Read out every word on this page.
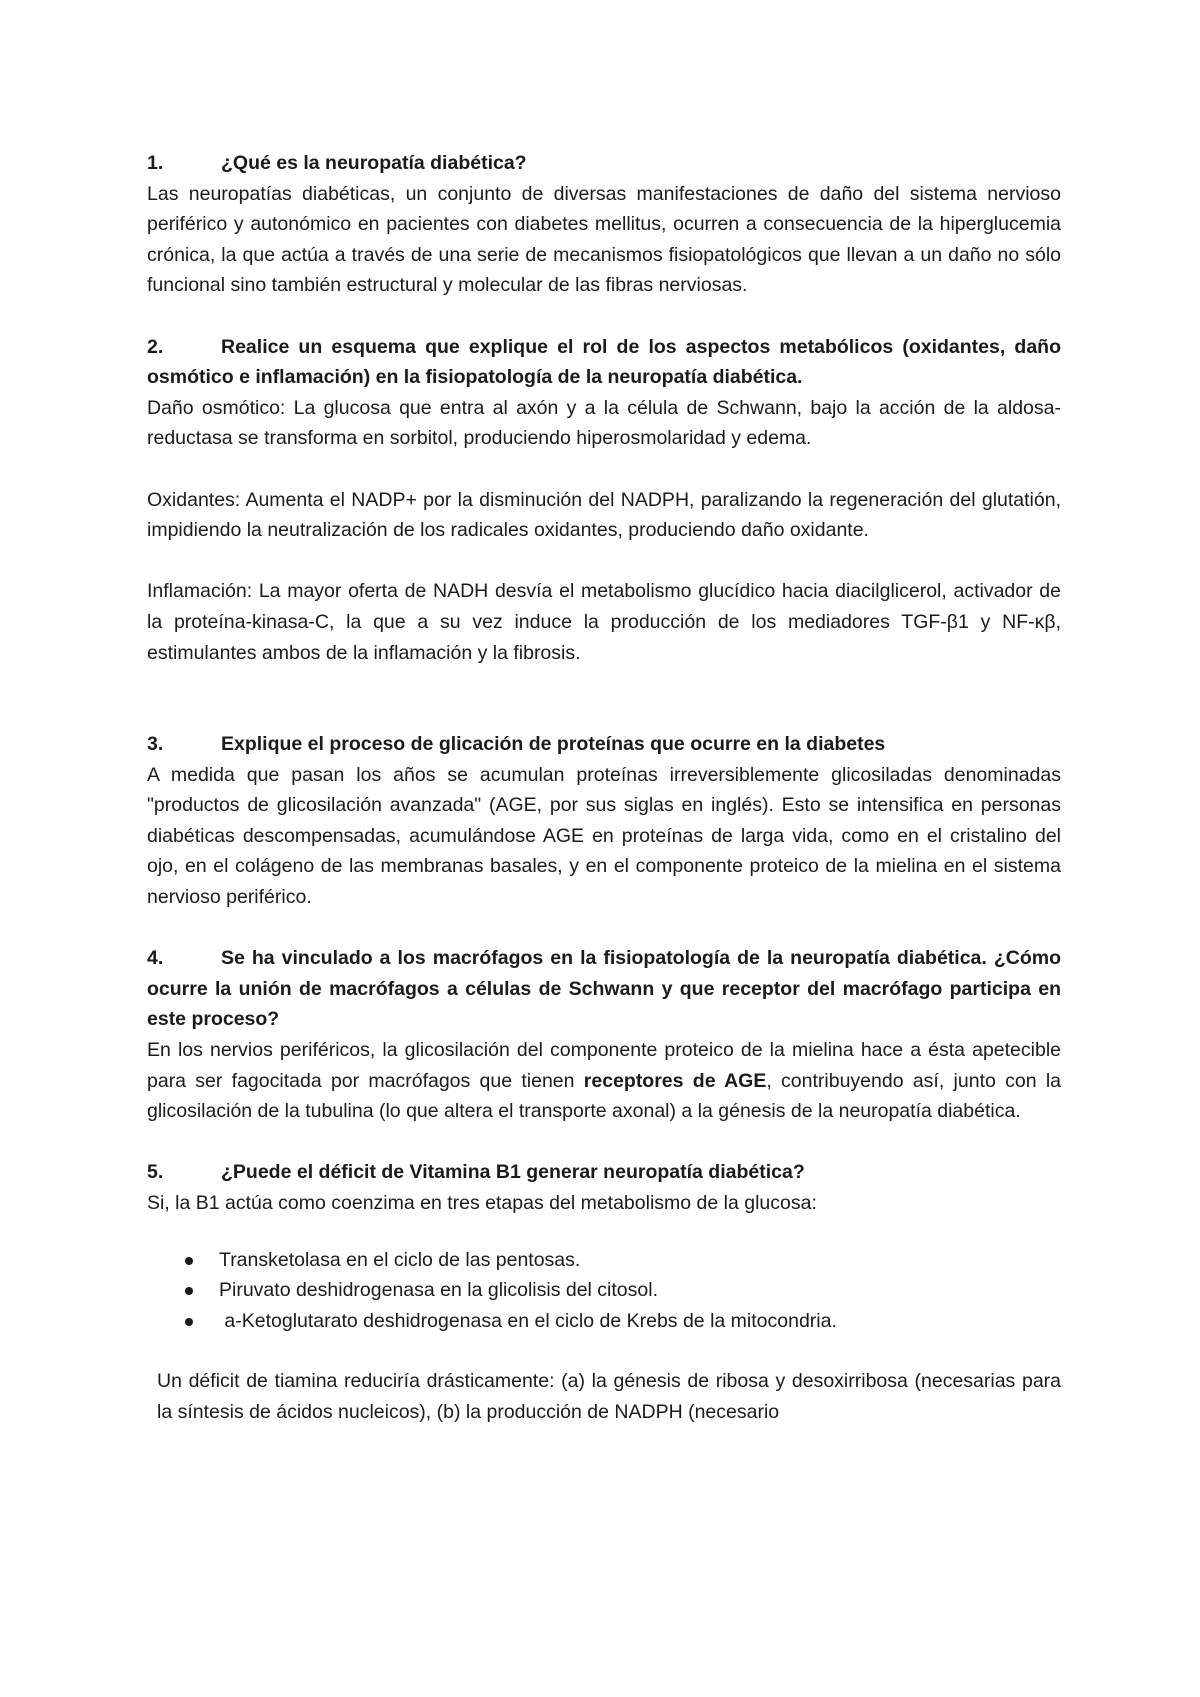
1.	¿Qué es la neuropatía diabética?

Las neuropatías diabéticas, un conjunto de diversas manifestaciones de daño del sistema nervioso periférico y autonómico en pacientes con diabetes mellitus, ocurren a consecuencia de la hiperglucemia crónica, la que actúa a través de una serie de mecanismos fisiopatológicos que llevan a un daño no sólo funcional sino también estructural y molecular de las fibras nerviosas.

2.	Realice un esquema que explique el rol de los aspectos metabólicos (oxidantes, daño osmótico e inflamación) en la fisiopatología de la neuropatía diabética.

Daño osmótico: La glucosa que entra al axón y a la célula de Schwann, bajo la acción de la aldosa-reductasa se transforma en sorbitol, produciendo hiperosmolaridad y edema.

Oxidantes: Aumenta el NADP+ por la disminución del NADPH, paralizando la regeneración del glutatión, impidiendo la neutralización de los radicales oxidantes, produciendo daño oxidante.

Inflamación: La mayor oferta de NADH desvía el metabolismo glucídico hacia diacilglicerol, activador de la proteína-kinasa-C, la que a su vez induce la producción de los mediadores TGF-β1 y NF-κβ, estimulantes ambos de la inflamación y la fibrosis.

3.	Explique el proceso de glicación de proteínas que ocurre en la diabetes

A medida que pasan los años se acumulan proteínas irreversiblemente glicosiladas denominadas "productos de glicosilación avanzada" (AGE, por sus siglas en inglés). Esto se intensifica en personas diabéticas descompensadas, acumulándose AGE en proteínas de larga vida, como en el cristalino del ojo, en el colágeno de las membranas basales, y en el componente proteico de la mielina en el sistema nervioso periférico.

4.	Se ha vinculado a los macrófagos en la fisiopatología de la neuropatía diabética. ¿Cómo ocurre la unión de macrófagos a células de Schwann y que receptor del macrófago participa en este proceso?

En los nervios periféricos, la glicosilación del componente proteico de la mielina hace a ésta apetecible para ser fagocitada por macrófagos que tienen receptores de AGE, contribuyendo así, junto con la glicosilación de la tubulina (lo que altera el transporte axonal) a la génesis de la neuropatía diabética.

5.	¿Puede el déficit de Vitamina B1 generar neuropatía diabética?

Si, la B1 actúa como coenzima en tres etapas del metabolismo de la glucosa:

Transketolasa en el ciclo de las pentosas.
Piruvato deshidrogenasa en la glicolisis del citosol.
a-Ketoglutarato deshidrogenasa en el ciclo de Krebs de la mitocondria.

Un déficit de tiamina reduciría drásticamente: (a) la génesis de ribosa y desoxirribosa (necesarias para la síntesis de ácidos nucleicos), (b) la producción de NADPH (necesario
